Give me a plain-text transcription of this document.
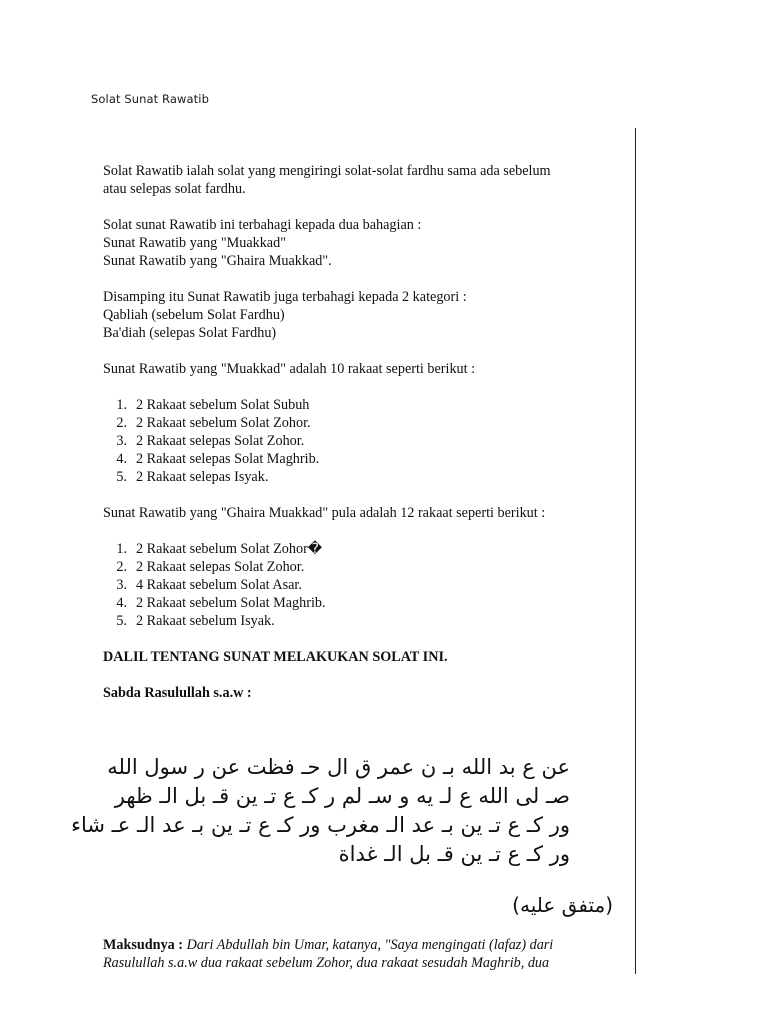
Solat Sunat Rawatib

Solat Rawatib ialah solat yang mengiringi solat-solat fardhu sama ada sebelum
atau selepas solat fardhu.

Solat sunat Rawatib ini terbahagi kepada dua bahagian :
Sunat Rawatib yang "Muakkad"
Sunat Rawatib yang "Ghaira Muakkad".

Disamping itu Sunat Rawatib juga terbahagi kepada 2 kategori :
Qabliah (sebelum Solat Fardhu)
Ba'diah (selepas Solat Fardhu)

Sunat Rawatib yang "Muakkad" adalah 10 rakaat seperti berikut :

1. 2 Rakaat sebelum Solat Subuh
2. 2 Rakaat sebelum Solat Zohor.
3. 2 Rakaat selepas Solat Zohor.
4. 2 Rakaat selepas Solat Maghrib.
5. 2 Rakaat selepas Isyak.

Sunat Rawatib yang "Ghaira Muakkad" pula adalah 12 rakaat seperti berikut :

1. 2 Rakaat sebelum Solat Zohor�
2. 2 Rakaat selepas Solat Zohor.
3. 4 Rakaat sebelum Solat Asar.
4. 2 Rakaat sebelum Solat Maghrib.
5. 2 Rakaat sebelum Isyak.

DALIL TENTANG SUNAT MELAKUKAN SOLAT INI.

Sabda Rasulullah s.a.w :

عن ع بد الله بـ ن عمر ق ال حـ فظت عن ر سول الله
صـ لى الله ع لـ يه و سـ لم ر كـ ع تـ ين قـ بل الـ ظهر
ور كـ ع تـ ين بـ عد الـ مغرب ور كـ ع تـ ين بـ عد الـ عـ شاء
ور كـ ع تـ ين قـ بل الـ غداة
(متفق عليه)
Maksudnya : Dari Abdullah bin Umar, katanya, "Saya mengingati (lafaz) dari
Rasulullah s.a.w dua rakaat sebelum Zohor, dua rakaat sesudah Maghrib, dua
